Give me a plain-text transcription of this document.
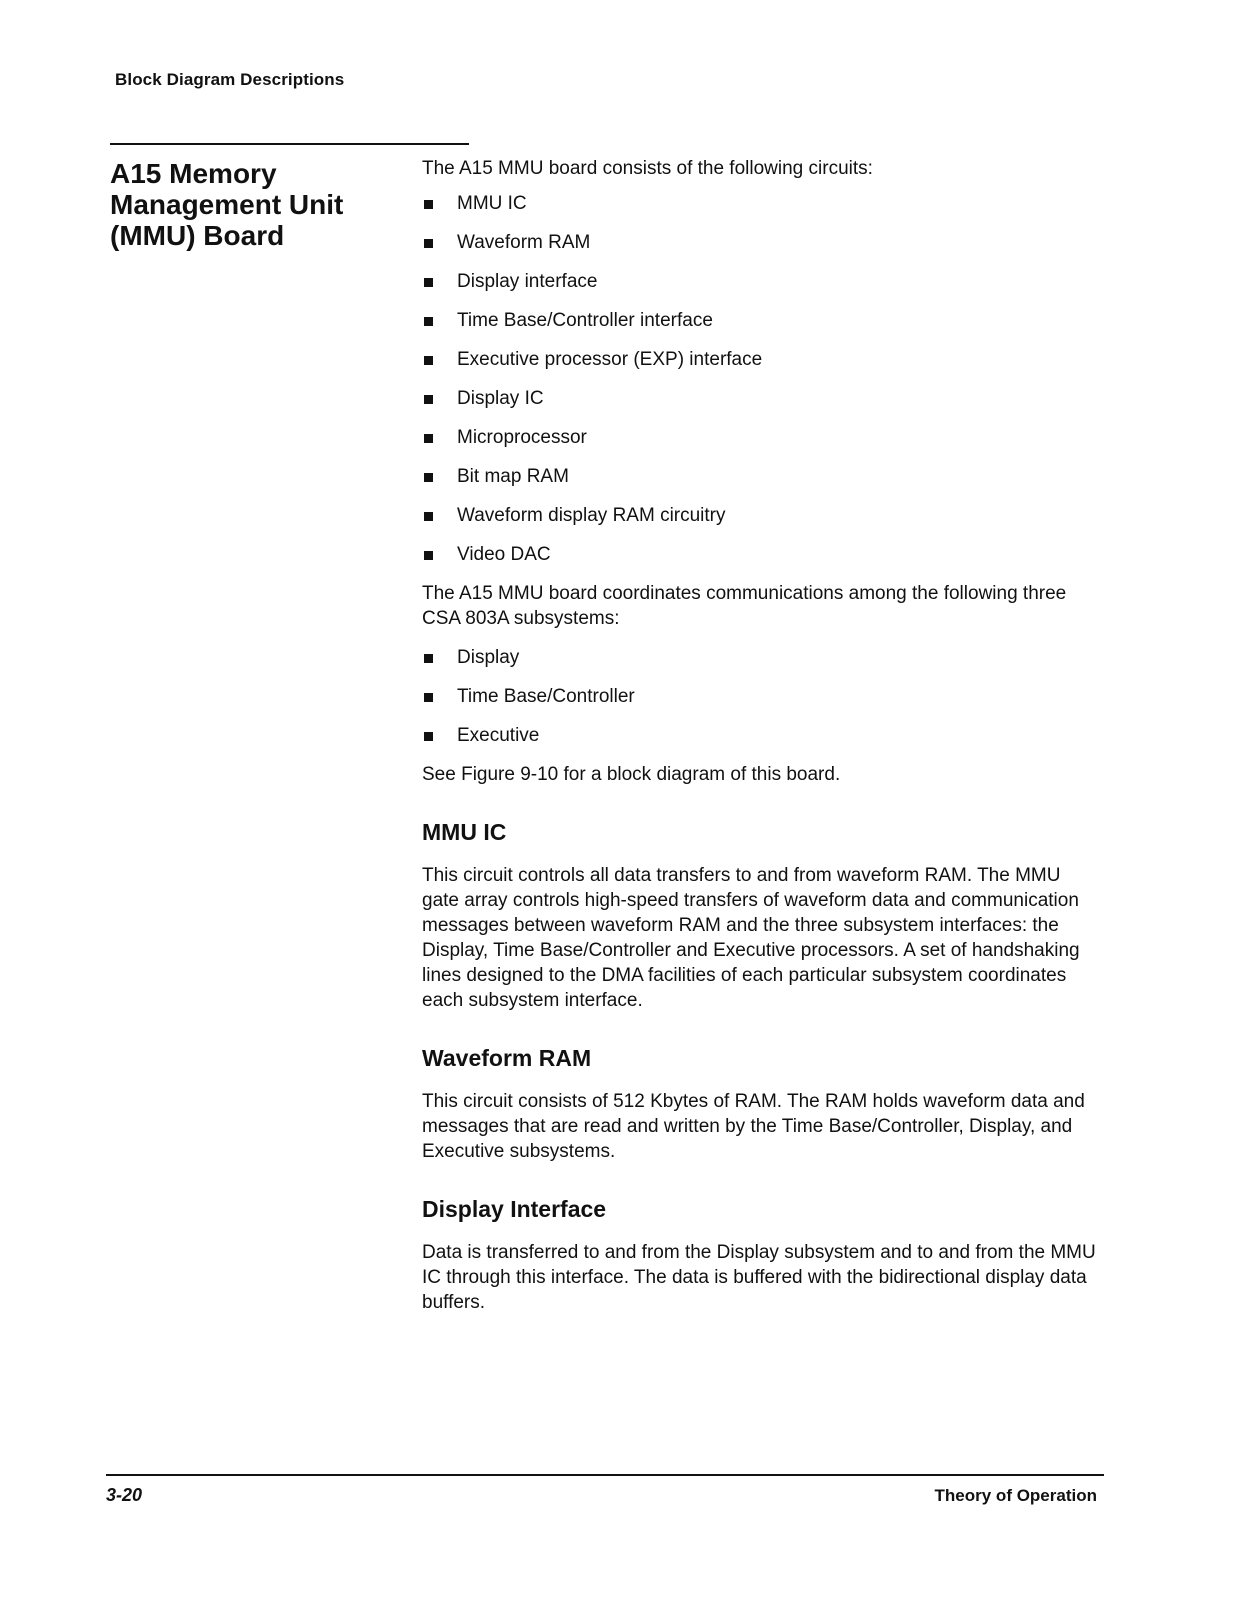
Block Diagram Descriptions
A15 Memory Management Unit (MMU) Board

The A15 MMU board consists of the following circuits:

MMU IC
Waveform RAM
Display interface
Time Base/Controller interface
Executive processor (EXP) interface
Display IC
Microprocessor
Bit map RAM
Waveform display RAM circuitry
Video DAC

The A15 MMU board coordinates communications among the following three CSA 803A subsystems:

Display
Time Base/Controller
Executive

See Figure 9-10 for a block diagram of this board.

MMU IC

This circuit controls all data transfers to and from waveform RAM. The MMU gate array controls high-speed transfers of waveform data and communication messages between waveform RAM and the three subsystem interfaces: the Display, Time Base/Controller and Executive processors. A set of handshaking lines designed to the DMA facilities of each particular subsystem coordinates each subsystem interface.

Waveform RAM

This circuit consists of 512 Kbytes of RAM. The RAM holds waveform data and messages that are read and written by the Time Base/Controller, Display, and Executive subsystems.

Display Interface

Data is transferred to and from the Display subsystem and to and from the MMU IC through this interface. The data is buffered with the bidirectional display data buffers.

3-20	Theory of Operation
